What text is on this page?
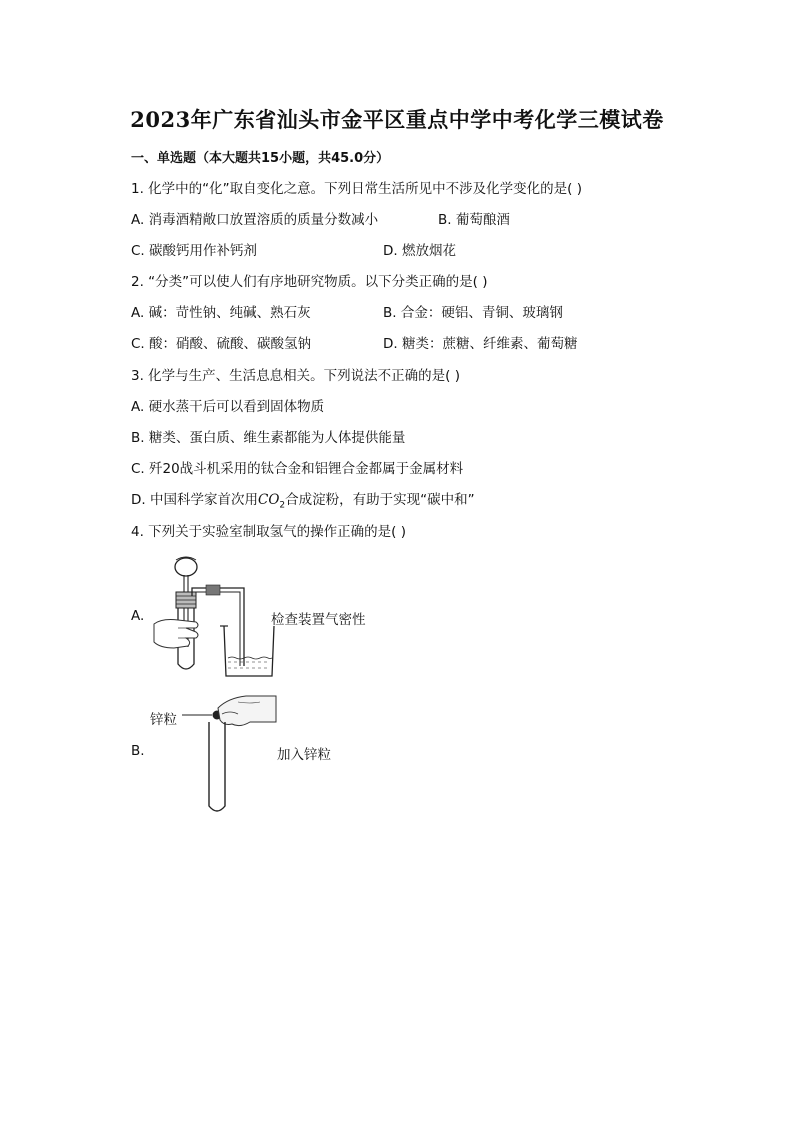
2023年广东省汕头市金平区重点中学中考化学三模试卷
一、单选题（本大题共15小题，共45.0分）
1. 化学中的“化”取自变化之意。下列日常生活所见中不涉及化学变化的是( )
A. 消毒酒精敞口放置溶质的质量分数减小	B. 葡萄酿酒
C. 碳酸钙用作补钙剂	D. 燃放烟花
2. “分类”可以使人们有序地研究物质。以下分类正确的是( )
A. 碱：苛性钠、纯碱、熟石灰	B. 合金：硬铝、青铜、玻璃钢
C. 酸：硝酸、硫酸、碳酸氢钠	D. 糖类：蔗糖、纤维素、葡萄糖
3. 化学与生产、生活息息相关。下列说法不正确的是( )
A. 硬水蒸干后可以看到固体物质
B. 糖类、蛋白质、维生素都能为人体提供能量
C. 歼20战斗机采用的钛合金和铝锂合金都属于金属材料
D. 中国科学家首次用$CO_2$合成淀粉，有助于实现“碳中和”
4. 下列关于实验室制取氢气的操作正确的是( )
A.	检查装置气密性
锌粒
B.	加入锌粒
